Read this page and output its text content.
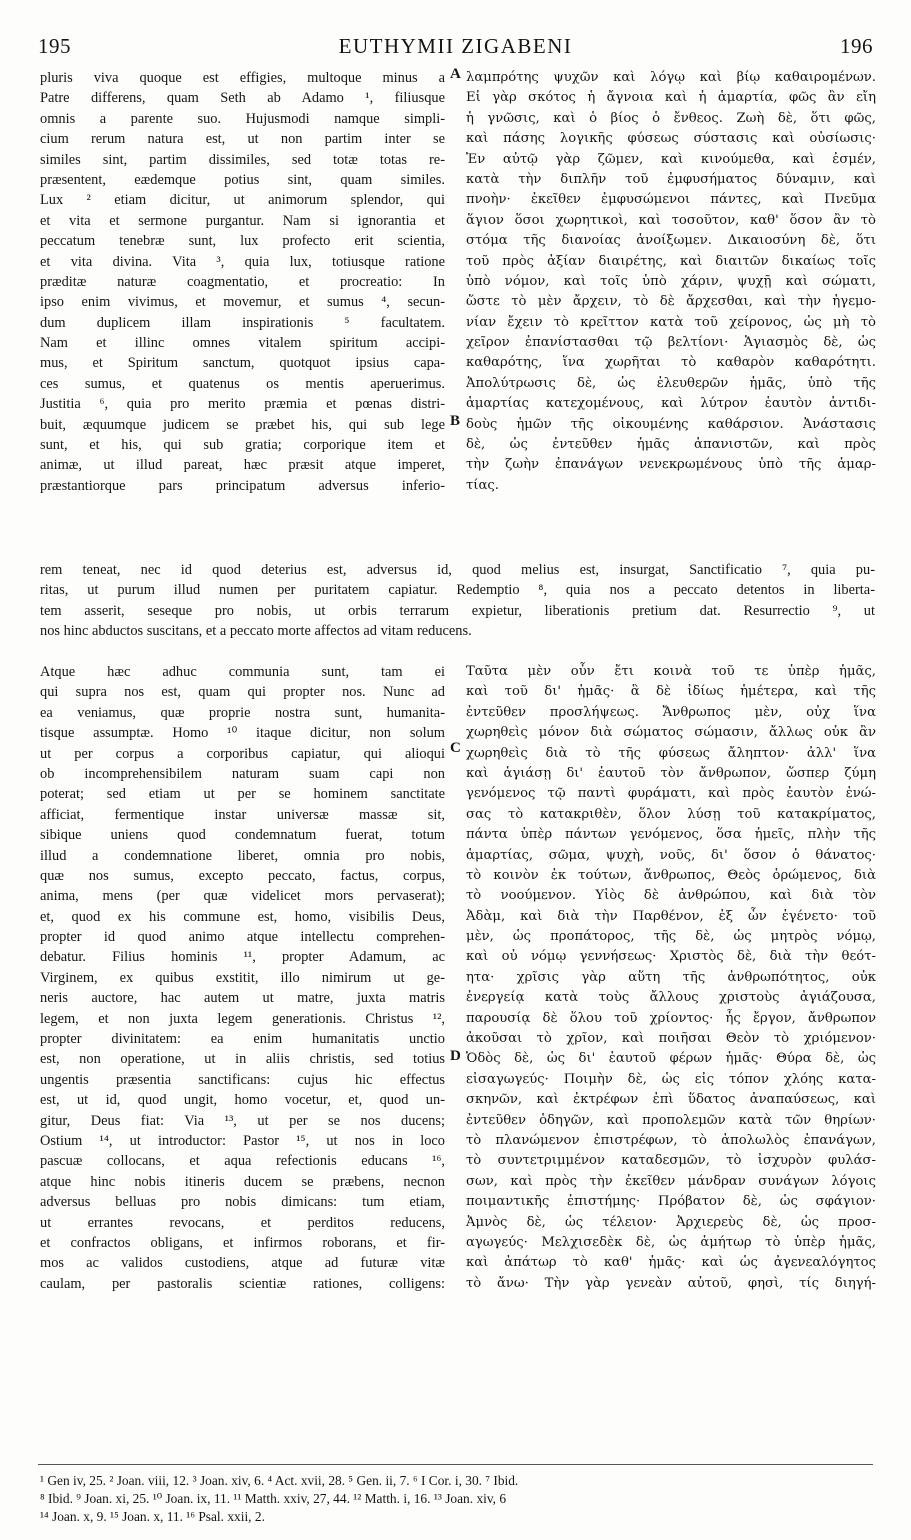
195	EUTHYMII ZIGABENI	196
A
B
C
D
pluris viva quoque est effigies, multoque minus a
Patre differens, quam Seth ab Adamo ¹, filiusque
omnis a parente suo. Hujusmodi namque simpli-
cium rerum natura est, ut non partim inter se
similes sint, partim dissimiles, sed totæ totas re-
præsentent, eædemque potius sint, quam similes.
Lux ² etiam dicitur, ut animorum splendor, qui
et vita et sermone purgantur. Nam si ignorantia et
peccatum tenebræ sunt, lux profecto erit scientia,
et vita divina. Vita ³, quia lux, totiusque ratione
præditæ naturæ coagmentatio, et procreatio: In
ipso enim vivimus, et movemur, et sumus ⁴, secun-
dum duplicem illam inspirationis ⁵ facultatem.
Nam et illinc omnes vitalem spiritum accipi-
mus, et Spiritum sanctum, quotquot ipsius capa-
ces sumus, et quatenus os mentis aperuerimus.
Justitia ⁶, quia pro merito præmia et pœnas distri-
buit, æquumque judicem se præbet his, qui sub lege
sunt, et his, qui sub gratia; corporique item et
animæ, ut illud pareat, hæc præsit atque imperet,
præstantiorque pars principatum adversus inferio-
λαμπρότης ψυχῶν καὶ λόγῳ καὶ βίῳ καθαιρομένων.
Εἰ γὰρ σκότος ἡ ἄγνοια καὶ ἡ ἁμαρτία, φῶς ἂν εἴη
ἡ γνῶσις, καὶ ὁ βίος ὁ ἔνθεος. Ζωὴ δὲ, ὅτι φῶς,
καὶ πάσης λογικῆς φύσεως σύστασις καὶ οὐσίωσις·
Ἐν αὐτῷ γὰρ ζῶμεν, καὶ κινούμεθα, καὶ ἐσμέν,
κατὰ τὴν διπλῆν τοῦ ἐμφυσήματος δύναμιν, καὶ
πνοὴν· ἐκεῖθεν ἐμφυσώμενοι πάντες, καὶ Πνεῦμα
ἅγιον ὅσοι χωρητικοὶ, καὶ τοσοῦτον, καθ' ὅσον ἂν τὸ
στόμα τῆς διανοίας ἀνοίξωμεν. Δικαιοσύνη δὲ, ὅτι
τοῦ πρὸς ἀξίαν διαιρέτης, καὶ διαιτῶν δικαίως τοῖς
ὑπὸ νόμον, καὶ τοῖς ὑπὸ χάριν, ψυχῇ καὶ σώματι,
ὥστε τὸ μὲν ἄρχειν, τὸ δὲ ἄρχεσθαι, καὶ τὴν ἡγεμο-
νίαν ἔχειν τὸ κρεῖττον κατὰ τοῦ χείρονος, ὡς μὴ τὸ
χεῖρον ἐπανίστασθαι τῷ βελτίονι· Ἁγιασμὸς δὲ, ὡς
καθαρότης, ἵνα χωρῆται τὸ καθαρὸν καθαρότητι.
Ἀπολύτρωσις δὲ, ὡς ἐλευθερῶν ἡμᾶς, ὑπὸ τῆς
ἁμαρτίας κατεχομένους, καὶ λύτρον ἑαυτὸν ἀντιδι-
δοὺς ἡμῶν τῆς οἰκουμένης καθάρσιον. Ἀνάστασις
δὲ, ὡς ἐντεῦθεν ἡμᾶς ἀπανιστῶν, καὶ πρὸς
τὴν ζωὴν ἐπανάγων νενεκρωμένους ὑπὸ τῆς ἁμαρ-
τίας.
rem teneat, nec id quod deterius est, adversus id, quod melius est, insurgat, Sanctificatio ⁷, quia pu-
ritas, ut purum illud numen per puritatem capiatur. Redemptio ⁸, quia nos a peccato detentos in liberta-
tem asserit, seseque pro nobis, ut orbis terrarum expietur, liberationis pretium dat. Resurrectio ⁹, ut
nos hinc abductos suscitans, et a peccato morte affectos ad vitam reducens.
Atque hæc adhuc communia sunt, tam ei
qui supra nos est, quam qui propter nos. Nunc ad
ea veniamus, quæ proprie nostra sunt, humanita-
tisque assumptæ. Homo ¹⁰ itaque dicitur, non solum
ut per corpus a corporibus capiatur, qui alioqui
ob incomprehensibilem naturam suam capi non
poterat; sed etiam ut per se hominem sanctitate
afficiat, fermentique instar universæ massæ sit,
sibique uniens quod condemnatum fuerat, totum
illud a condemnatione liberet, omnia pro nobis,
quæ nos sumus, excepto peccato, factus, corpus,
anima, mens (per quæ videlicet mors pervaserat);
et, quod ex his commune est, homo, visibilis Deus,
propter id quod animo atque intellectu comprehen-
debatur. Filius hominis ¹¹, propter Adamum, ac
Virginem, ex quibus exstitit, illo nimirum ut ge-
neris auctore, hac autem ut matre, juxta matris
legem, et non juxta legem generationis. Christus ¹²,
propter divinitatem: ea enim humanitatis unctio
est, non operatione, ut in aliis christis, sed totius
ungentis præsentia sanctificans: cujus hic effectus
est, ut id, quod ungit, homo vocetur, et, quod un-
gitur, Deus fiat: Via ¹³, ut per se nos ducens;
Ostium ¹⁴, ut introductor: Pastor ¹⁵, ut nos in loco
pascuæ collocans, et aqua refectionis educans ¹⁶,
atque hinc nobis itineris ducem se præbens, necnon
adversus belluas pro nobis dimicans: tum etiam,
ut errantes revocans, et perditos reducens,
et confractos obligans, et infirmos roborans, et fir-
mos ac validos custodiens, atque ad futuræ vitæ
caulam, per pastoralis scientiæ rationes, colligens:
Ταῦτα μὲν οὖν ἔτι κοινὰ τοῦ τε ὑπὲρ ἡμᾶς,
καὶ τοῦ δι' ἡμᾶς· ἃ δὲ ἰδίως ἡμέτερα, καὶ τῆς
ἐντεῦθεν προσλήψεως. Ἄνθρωπος μὲν, οὐχ ἵνα
χωρηθεὶς μόνον διὰ σώματος σώμασιν, ἄλλως οὐκ ἂν
χωρηθεὶς διὰ τὸ τῆς φύσεως ἄληπτον· ἀλλ' ἵνα
καὶ ἁγιάσῃ δι' ἑαυτοῦ τὸν ἄνθρωπον, ὥσπερ ζύμη
γενόμενος τῷ παντὶ φυράματι, καὶ πρὸς ἑαυτὸν ἑνώ-
σας τὸ κατακριθὲν, ὅλον λύσῃ τοῦ κατακρίματος,
πάντα ὑπὲρ πάντων γενόμενος, ὅσα ἡμεῖς, πλὴν τῆς
ἁμαρτίας, σῶμα, ψυχὴ, νοῦς, δι' ὅσον ὁ θάνατος·
τὸ κοινὸν ἐκ τούτων, ἄνθρωπος, Θεὸς ὁρώμενος, διὰ
τὸ νοούμενον. Υἱὸς δὲ ἀνθρώπου, καὶ διὰ τὸν
Ἀδὰμ, καὶ διὰ τὴν Παρθένον, ἐξ ὧν ἐγένετο· τοῦ
μὲν, ὡς προπάτορος, τῆς δὲ, ὡς μητρὸς νόμῳ,
καὶ οὐ νόμῳ γεννήσεως· Χριστὸς δὲ, διὰ τὴν θεότ-
ητα· χρῖσις γὰρ αὕτη τῆς ἀνθρωπότητος, οὐκ
ἐνεργείᾳ κατὰ τοὺς ἄλλους χριστοὺς ἁγιάζουσα,
παρουσίᾳ δὲ ὅλου τοῦ χρίοντος· ἧς ἔργον, ἄνθρωπον
ἀκοῦσαι τὸ χρῖον, καὶ ποιῆσαι Θεὸν τὸ χριόμενον·
Ὁδὸς δὲ, ὡς δι' ἑαυτοῦ φέρων ἡμᾶς· Θύρα δὲ, ὡς
εἰσαγωγεύς· Ποιμὴν δὲ, ὡς εἰς τόπον χλόης κατα-
σκηνῶν, καὶ ἐκτρέφων ἐπὶ ὕδατος ἀναπαύσεως, καὶ
ἐντεῦθεν ὁδηγῶν, καὶ προπολεμῶν κατὰ τῶν θηρίων·
τὸ πλανώμενον ἐπιστρέφων, τὸ ἀπολωλὸς ἐπανάγων,
τὸ συντετριμμένον καταδεσμῶν, τὸ ἰσχυρὸν φυλάσ-
σων, καὶ πρὸς τὴν ἐκεῖθεν μάνδραν συνάγων λόγοις
ποιμαντικῆς ἐπιστήμης· Πρόβατον δὲ, ὡς σφάγιον·
Ἀμνὸς δὲ, ὡς τέλειον· Ἀρχιερεὺς δὲ, ὡς προσ-
αγωγεύς· Μελχισεδὲκ δὲ, ὡς ἀμήτωρ τὸ ὑπὲρ ἡμᾶς,
καὶ ἀπάτωρ τὸ καθ' ἡμᾶς· καὶ ὡς ἀγενεαλόγητος
τὸ ἄνω· Τὴν γὰρ γενεὰν αὐτοῦ, φησὶ, τίς διηγή-
¹ Gen iv, 25. ² Joan. viii, 12. ³ Joan. xiv, 6. ⁴ Act. xvii, 28. ⁵ Gen. ii, 7. ⁶ I Cor. i, 30. ⁷ Ibid.
⁸ Ibid. ⁹ Joan. xi, 25. ¹⁰ Joan. ix, 11. ¹¹ Matth. xxiv, 27, 44. ¹² Matth. i, 16. ¹³ Joan. xiv, 6
¹⁴ Joan. x, 9. ¹⁵ Joan. x, 11. ¹⁶ Psal. xxii, 2.
